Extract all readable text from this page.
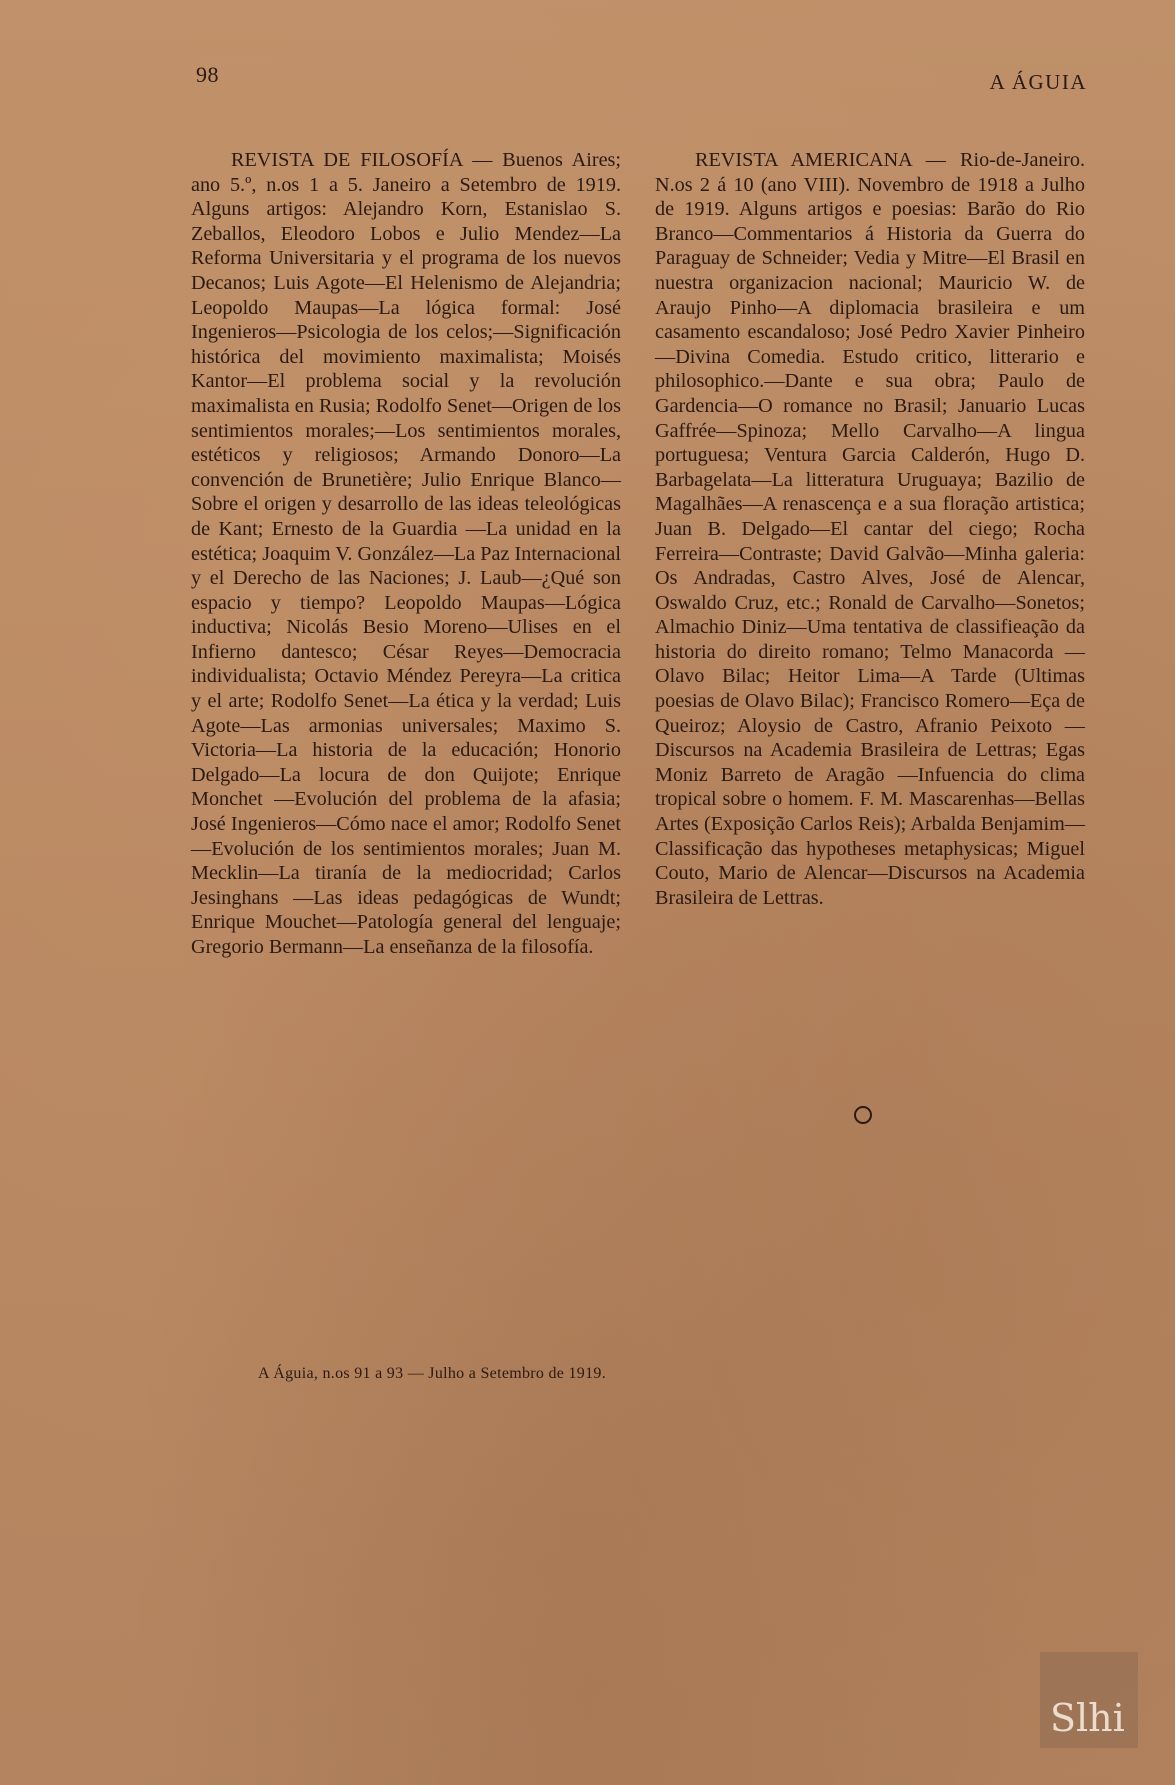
98	A ÁGUIA

REVISTA DE FILOSOFÍA — Buenos Aires; ano 5.º, n.os 1 a 5. Janeiro a Setembro de 1919. Alguns artigos: Alejandro Korn, Estanislao S. Zeballos, Eleodoro Lobos e Julio Mendez—La Reforma Universitaria y el programa de los nuevos Decanos; Luis Agote—El Helenismo de Alejandria; Leopoldo Maupas—La lógica formal: José Ingenieros—Psicologia de los celos;—Significación histórica del movimiento maximalista; Moisés Kantor—El problema social y la revolución maximalista en Rusia; Rodolfo Senet—Origen de los sentimientos morales;—Los sentimientos morales, estéticos y religiosos; Armando Donoro—La convención de Brunetière; Julio Enrique Blanco—Sobre el origen y desarrollo de las ideas teleológicas de Kant; Ernesto de la Guardia —La unidad en la estética; Joaquim V. González—La Paz Internacional y el Derecho de las Naciones; J. Laub—¿Qué son espacio y tiempo? Leopoldo Maupas—Lógica inductiva; Nicolás Besio Moreno—Ulises en el Infierno dantesco; César Reyes—Democracia individualista; Octavio Méndez Pereyra—La critica y el arte; Rodolfo Senet—La ética y la verdad; Luis Agote—Las armonias universales; Maximo S. Victoria—La historia de la educación; Honorio Delgado—La locura de don Quijote; Enrique Monchet —Evolución del problema de la afasia; José Ingenieros—Cómo nace el amor; Rodolfo Senet—Evolución de los sentimientos morales; Juan M. Mecklin—La tiranía de la mediocridad; Carlos Jesinghans —Las ideas pedagógicas de Wundt; Enrique Mouchet—Patología general del lenguaje; Gregorio Bermann—La enseñanza de la filosofía.

REVISTA AMERICANA — Rio-de-Janeiro. N.os 2 á 10 (ano VIII). Novembro de 1918 a Julho de 1919. Alguns artigos e poesias: Barão do Rio Branco—Commentarios á Historia da Guerra do Paraguay de Schneider; Vedia y Mitre—El Brasil en nuestra organizacion nacional; Mauricio W. de Araujo Pinho—A diplomacia brasileira e um casamento escandaloso; José Pedro Xavier Pinheiro—Divina Comedia. Estudo critico, litterario e philosophico.—Dante e sua obra; Paulo de Gardencia—O romance no Brasil; Januario Lucas Gaffrée—Spinoza; Mello Carvalho—A lingua portuguesa; Ventura Garcia Calderón, Hugo D. Barbagelata—La litteratura Uruguaya; Bazilio de Magalhães—A renascença e a sua floração artistica; Juan B. Delgado—El cantar del ciego; Rocha Ferreira—Contraste; David Galvão—Minha galeria: Os Andradas, Castro Alves, José de Alencar, Oswaldo Cruz, etc.; Ronald de Carvalho—Sonetos; Almachio Diniz—Uma tentativa de classifieação da historia do direito romano; Telmo Manacorda — Olavo Bilac; Heitor Lima—A Tarde (Ultimas poesias de Olavo Bilac); Francisco Romero—Eça de Queiroz; Aloysio de Castro, Afranio Peixoto —Discursos na Academia Brasileira de Lettras; Egas Moniz Barreto de Aragão —Infuencia do clima tropical sobre o homem. F. M. Mascarenhas—Bellas Artes (Exposição Carlos Reis); Arbalda Benjamim—Classificação das hypotheses metaphysicas; Miguel Couto, Mario de Alencar—Discursos na Academia Brasileira de Lettras.

A Águia, n.os 91 a 93 — Julho a Setembro de 1919.
Slhi
